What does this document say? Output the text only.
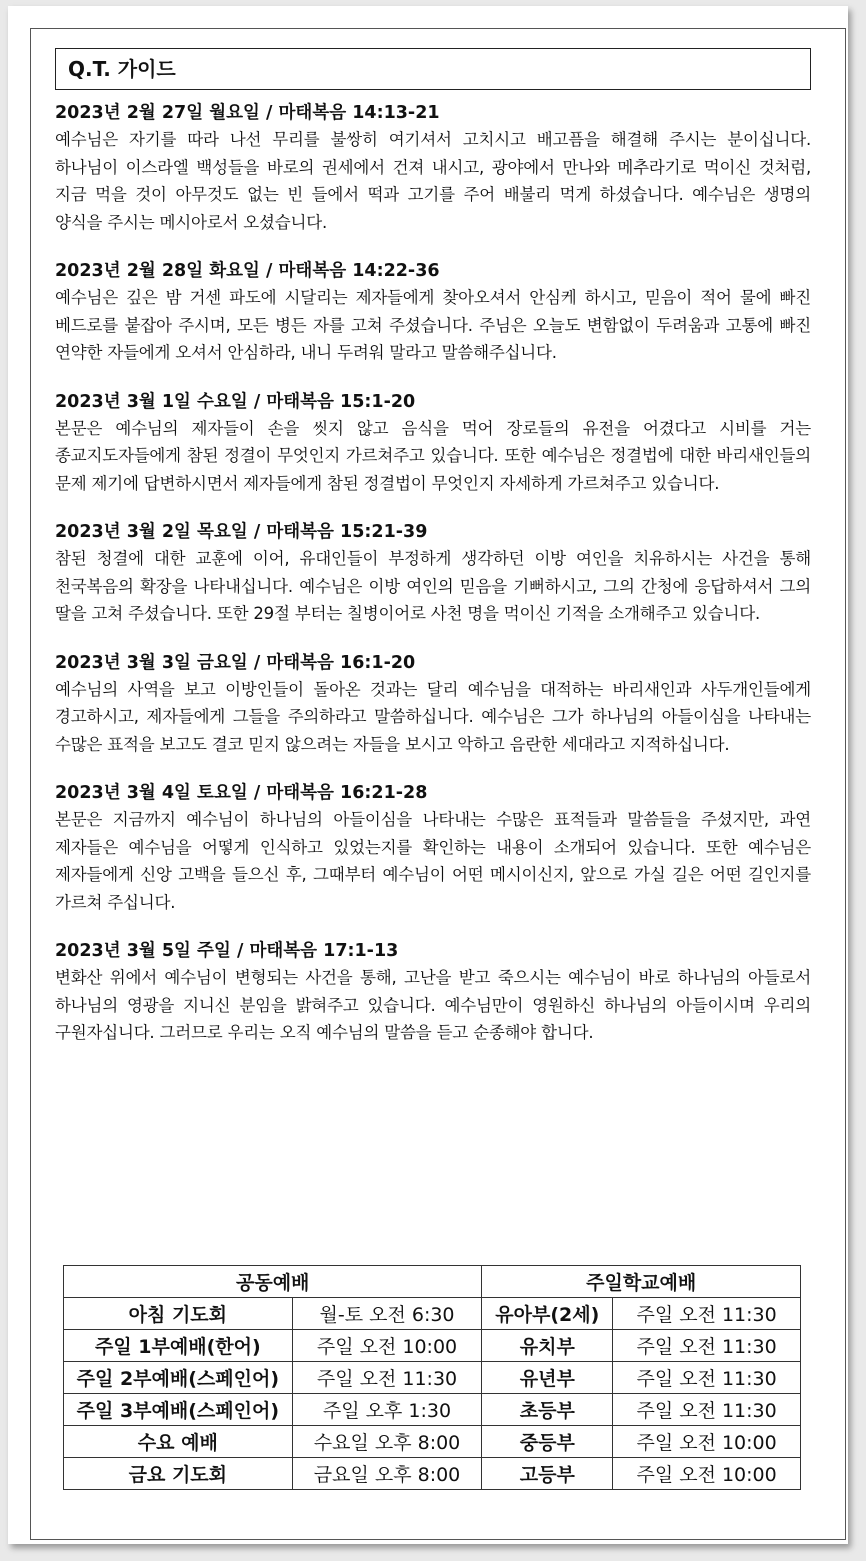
Q.T. 가이드
2023년 2월 27일 월요일 / 마태복음 14:13-21
예수님은 자기를 따라 나선 무리를 불쌍히 여기셔서 고치시고 배고픔을 해결해 주시는 분이십니다. 하나님이 이스라엘 백성들을 바로의 권세에서 건져 내시고, 광야에서 만나와 메추라기로 먹이신 것처럼, 지금 먹을 것이 아무것도 없는 빈 들에서 떡과 고기를 주어 배불리 먹게 하셨습니다. 예수님은 생명의 양식을 주시는 메시아로서 오셨습니다.
2023년 2월 28일 화요일 / 마태복음 14:22-36
예수님은 깊은 밤 거센 파도에 시달리는 제자들에게 찾아오셔서 안심케 하시고, 믿음이 적어 물에 빠진 베드로를 붙잡아 주시며, 모든 병든 자를 고쳐 주셨습니다. 주님은 오늘도 변함없이 두려움과 고통에 빠진 연약한 자들에게 오셔서 안심하라, 내니 두려워 말라고 말씀해주십니다.
2023년 3월 1일 수요일 / 마태복음 15:1-20
본문은 예수님의 제자들이 손을 씻지 않고 음식을 먹어 장로들의 유전을 어겼다고 시비를 거는 종교지도자들에게 참된 정결이 무엇인지 가르쳐주고 있습니다. 또한 예수님은 정결법에 대한 바리새인들의 문제 제기에 답변하시면서 제자들에게 참된 정결법이 무엇인지 자세하게 가르쳐주고 있습니다.
2023년 3월 2일 목요일 / 마태복음 15:21-39
참된 청결에 대한 교훈에 이어, 유대인들이 부정하게 생각하던 이방 여인을 치유하시는 사건을 통해 천국복음의 확장을 나타내십니다. 예수님은 이방 여인의 믿음을 기뻐하시고, 그의 간청에 응답하셔서 그의 딸을 고쳐 주셨습니다. 또한 29절 부터는 칠병이어로 사천 명을 먹이신 기적을 소개해주고 있습니다.
2023년 3월 3일 금요일 / 마태복음 16:1-20
예수님의 사역을 보고 이방인들이 돌아온 것과는 달리 예수님을 대적하는 바리새인과 사두개인들에게 경고하시고, 제자들에게 그들을 주의하라고 말씀하십니다. 예수님은 그가 하나님의 아들이심을 나타내는 수많은 표적을 보고도 결코 믿지 않으려는 자들을 보시고 악하고 음란한 세대라고 지적하십니다.
2023년 3월 4일 토요일 / 마태복음 16:21-28
본문은 지금까지 예수님이 하나님의 아들이심을 나타내는 수많은 표적들과 말씀들을 주셨지만, 과연 제자들은 예수님을 어떻게 인식하고 있었는지를 확인하는 내용이 소개되어 있습니다. 또한 예수님은 제자들에게 신앙 고백을 들으신 후, 그때부터 예수님이 어떤 메시이신지, 앞으로 가실 길은 어떤 길인지를 가르쳐 주십니다.
2023년 3월 5일 주일 / 마태복음 17:1-13
변화산 위에서 예수님이 변형되는 사건을 통해, 고난을 받고 죽으시는 예수님이 바로 하나님의 아들로서 하나님의 영광을 지니신 분임을 밝혀주고 있습니다. 예수님만이 영원하신 하나님의 아들이시며 우리의 구원자십니다. 그러므로 우리는 오직 예수님의 말씀을 듣고 순종해야 합니다.
공동예배		주일학교예배	
아침 기도회	월-토 오전 6:30	유아부(2세)	주일 오전 11:30
주일 1부예배(한어)	주일 오전 10:00	유치부	주일 오전 11:30
주일 2부예배(스페인어)	주일 오전 11:30	유년부	주일 오전 11:30
주일 3부예배(스페인어)	주일 오후 1:30	초등부	주일 오전 11:30
수요 예배	수요일 오후 8:00	중등부	주일 오전 10:00
금요 기도회	금요일 오후 8:00	고등부	주일 오전 10:00
